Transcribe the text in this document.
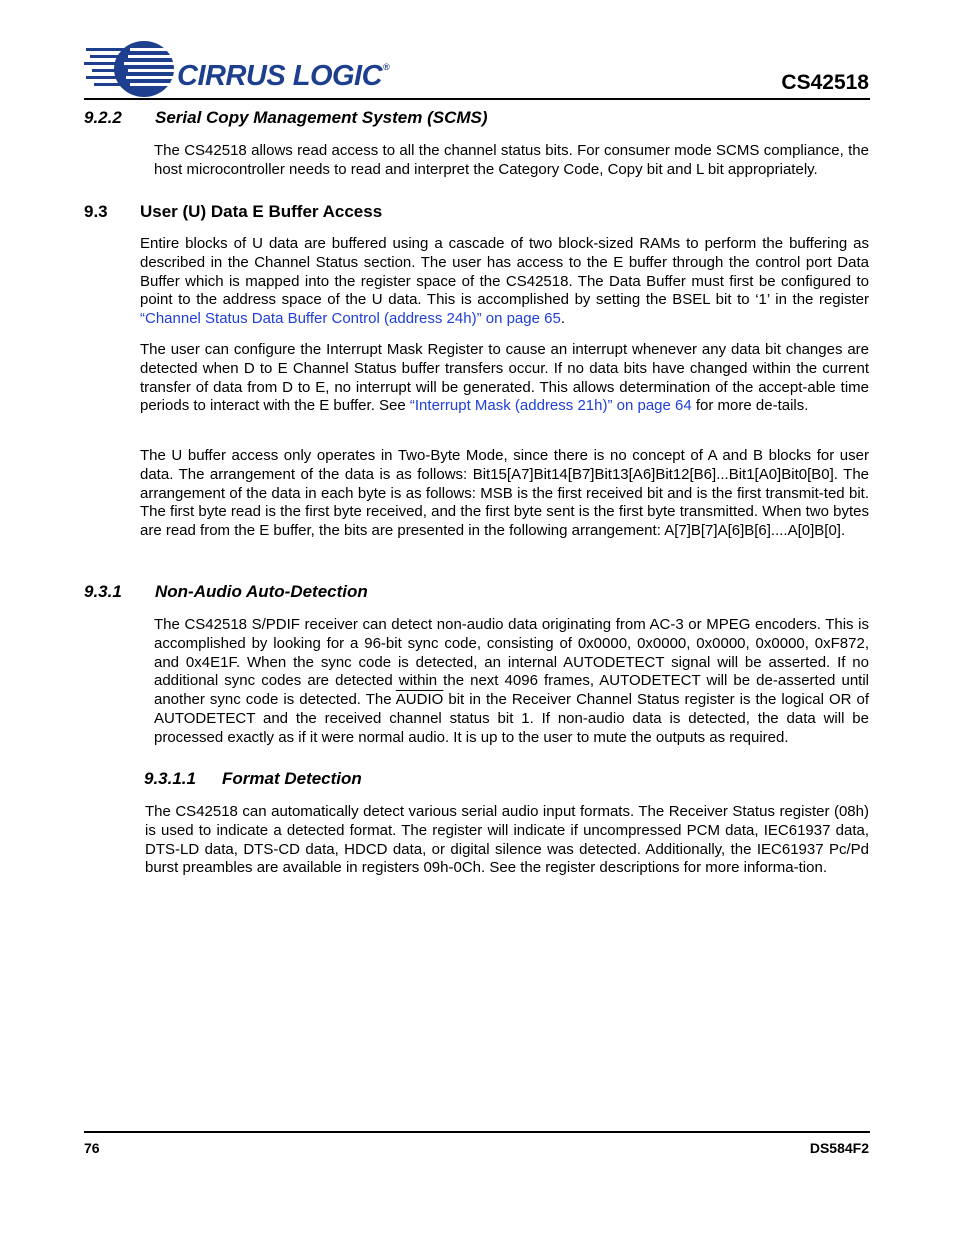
CIRRUS LOGIC®
CS42518
9.2.2 Serial Copy Management System (SCMS)

The CS42518 allows read access to all the channel status bits. For consumer mode SCMS compliance, the host microcontroller needs to read and interpret the Category Code, Copy bit and L bit appropriately.

9.3 User (U) Data E Buffer Access

Entire blocks of U data are buffered using a cascade of two block-sized RAMs to perform the buffering as described in the Channel Status section. The user has access to the E buffer through the control port Data Buffer which is mapped into the register space of the CS42518. The Data Buffer must first be configured to point to the address space of the U data. This is accomplished by setting the BSEL bit to ‘1’ in the register “Channel Status Data Buffer Control (address 24h)” on page 65.

The user can configure the Interrupt Mask Register to cause an interrupt whenever any data bit changes are detected when D to E Channel Status buffer transfers occur. If no data bits have changed within the current transfer of data from D to E, no interrupt will be generated. This allows determination of the accept-able time periods to interact with the E buffer. See “Interrupt Mask (address 21h)” on page 64 for more de-tails.

The U buffer access only operates in Two-Byte Mode, since there is no concept of A and B blocks for user data. The arrangement of the data is as follows: Bit15[A7]Bit14[B7]Bit13[A6]Bit12[B6]...Bit1[A0]Bit0[B0]. The arrangement of the data in each byte is as follows: MSB is the first received bit and is the first transmit-ted bit. The first byte read is the first byte received, and the first byte sent is the first byte transmitted. When two bytes are read from the E buffer, the bits are presented in the following arrangement: A[7]B[7]A[6]B[6]....A[0]B[0].

9.3.1 Non-Audio Auto-Detection

The CS42518 S/PDIF receiver can detect non-audio data originating from AC-3 or MPEG encoders. This is accomplished by looking for a 96-bit sync code, consisting of 0x0000, 0x0000, 0x0000, 0x0000, 0xF872, and 0x4E1F. When the sync code is detected, an internal AUTODETECT signal will be asserted. If no additional sync codes are detected within the next 4096 frames, AUTODETECT will be de-asserted until another sync code is detected. The AUDIO bit in the Receiver Channel Status register is the logical OR of AUTODETECT and the received channel status bit 1. If non-audio data is detected, the data will be processed exactly as if it were normal audio. It is up to the user to mute the outputs as required.

9.3.1.1 Format Detection

The CS42518 can automatically detect various serial audio input formats. The Receiver Status register (08h) is used to indicate a detected format. The register will indicate if uncompressed PCM data, IEC61937 data, DTS-LD data, DTS-CD data, HDCD data, or digital silence was detected. Additionally, the IEC61937 Pc/Pd burst preambles are available in registers 09h-0Ch. See the register descriptions for more informa-tion.

76	DS584F2
